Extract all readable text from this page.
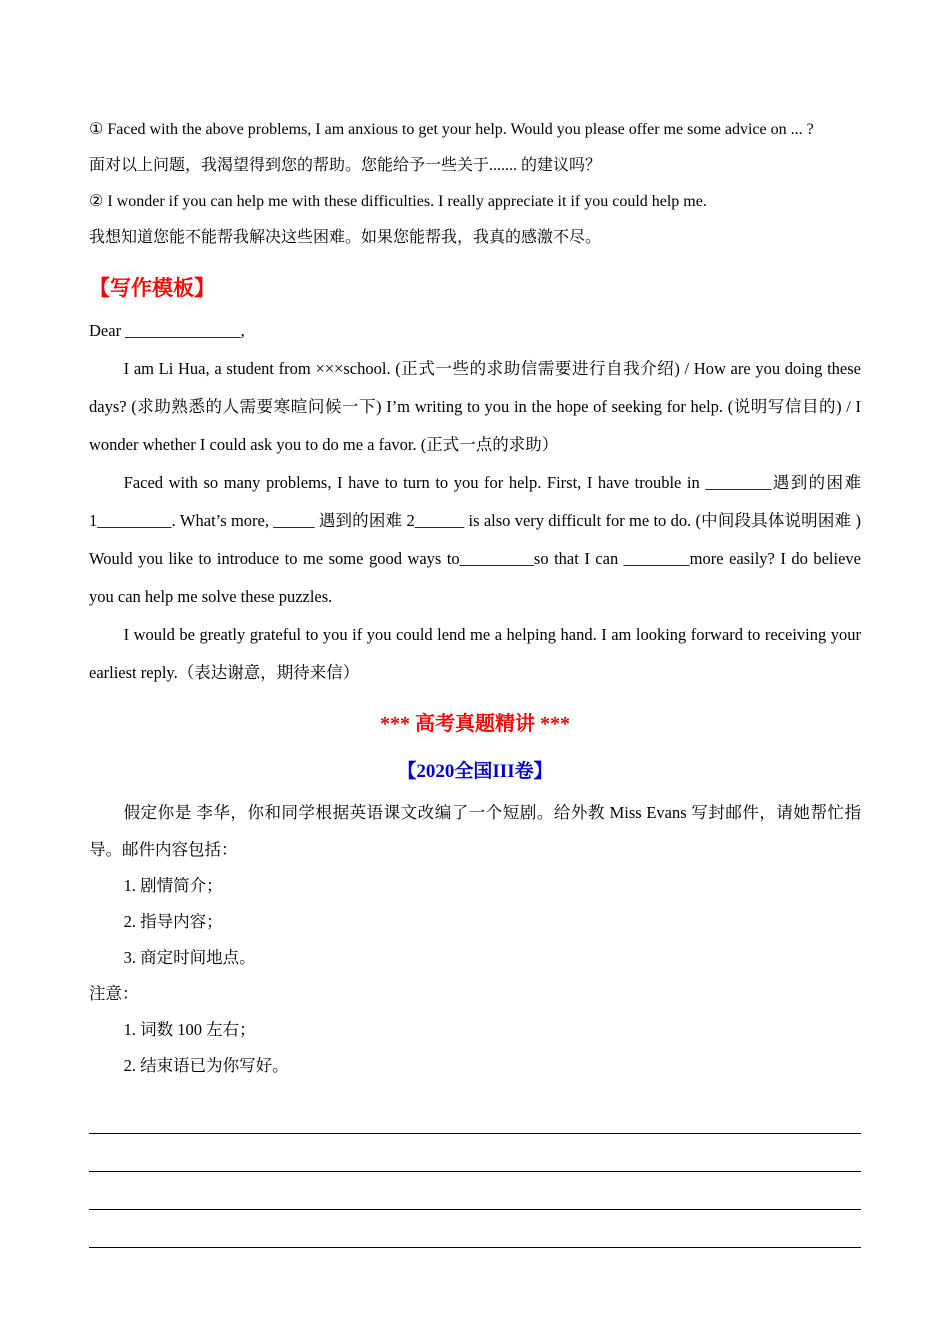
① Faced with the above problems, I am anxious to get your help. Would you please offer me some advice on ... ?

面对以上问题，我渴望得到您的帮助。您能给予一些关于....... 的建议吗？

② I wonder if you can help me with these difficulties. I really appreciate it if you could help me.

我想知道您能不能帮我解决这些困难。如果您能帮我，我真的感激不尽。

【写作模板】

Dear ______________,

I am Li Hua, a student from ×××school. (正式一些的求助信需要进行自我介绍) / How are you doing these days? (求助熟悉的人需要寒暄问候一下) I’m writing to you in the hope of seeking for help. (说明写信目的) / I wonder whether I could ask you to do me a favor. (正式一点的求助）

Faced with so many problems, I have to turn to you for help. First, I have trouble in ________遇到的困难 1_________. What’s more, _____ 遇到的困难 2______ is also very difficult for me to do. (中间段具体说明困难 ) Would you like to introduce to me some good ways to_________so that I can ________more easily? I do believe you can help me solve these puzzles.

I would be greatly grateful to you if you could lend me a helping hand. I am looking forward to receiving your earliest reply.（表达谢意，期待来信）

*** 高考真题精讲 ***
【2020全国III卷】

假定你是 李华，你和同学根据英语课文改编了一个短剧。给外教 Miss Evans 写封邮件，请她帮忙指导。邮件内容包括：

1. 剧情简介；

2. 指导内容；

3. 商定时间地点。

注意：

1. 词数 100 左右；

2. 结束语已为你写好。
